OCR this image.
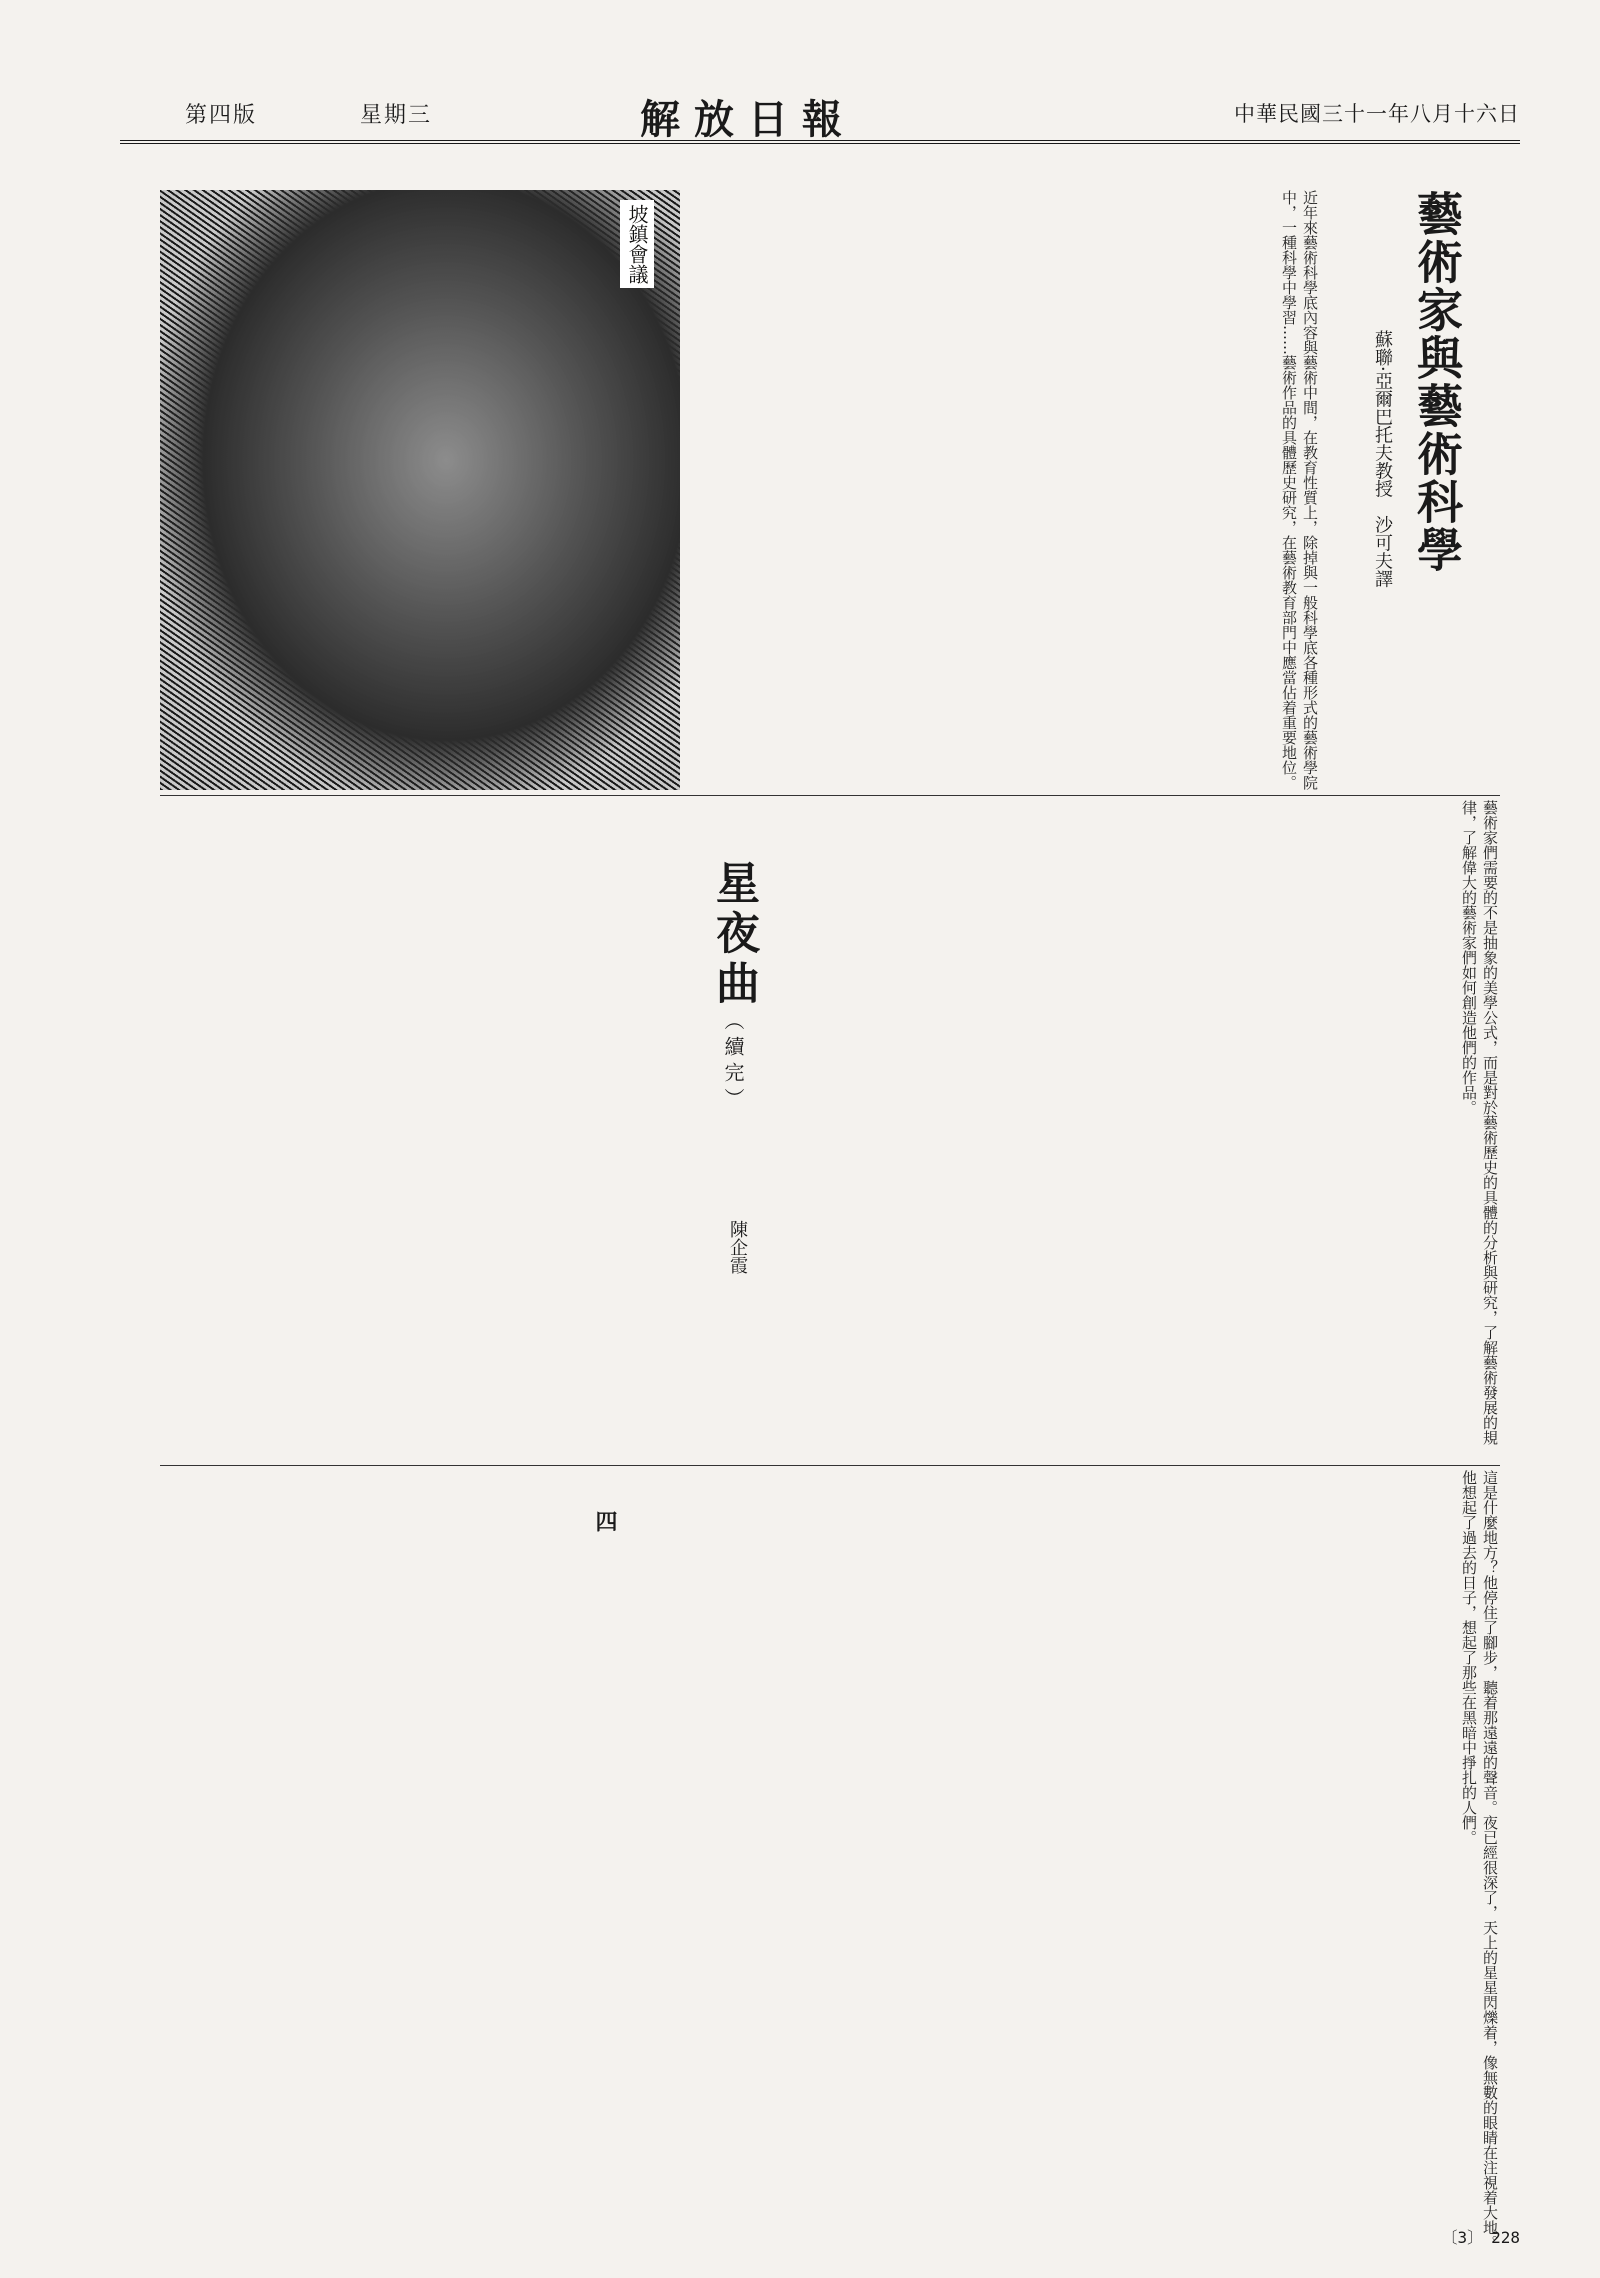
第四版	星期三	解放日報	中華民國三十一年八月十六日
坡鎮會議	藝術家與藝術科學
蘇聯·亞爾巴托夫教授　沙可夫譯
近年來藝術科學底內容與藝術中間，在教育性質上，除掉與一般科學底各種形式的藝術學院中，一種科學中學習……藝術作品的具體歷史研究，在藝術教育部門中應當佔着重要地位。
藝術家們需要的不是抽象的美學公式，而是對於藝術歷史的具體的分析與研究，了解藝術發展的規律，了解偉大的藝術家們如何創造他們的作品。
星夜曲（續完）
陳企霞
這是什麼地方？他停住了腳步，聽着那遠遠的聲音。夜已經很深了，天上的星星閃爍着，像無數的眼睛在注視着大地。他想起了過去的日子，想起了那些在黑暗中掙扎的人們。
四
〔3〕　228
